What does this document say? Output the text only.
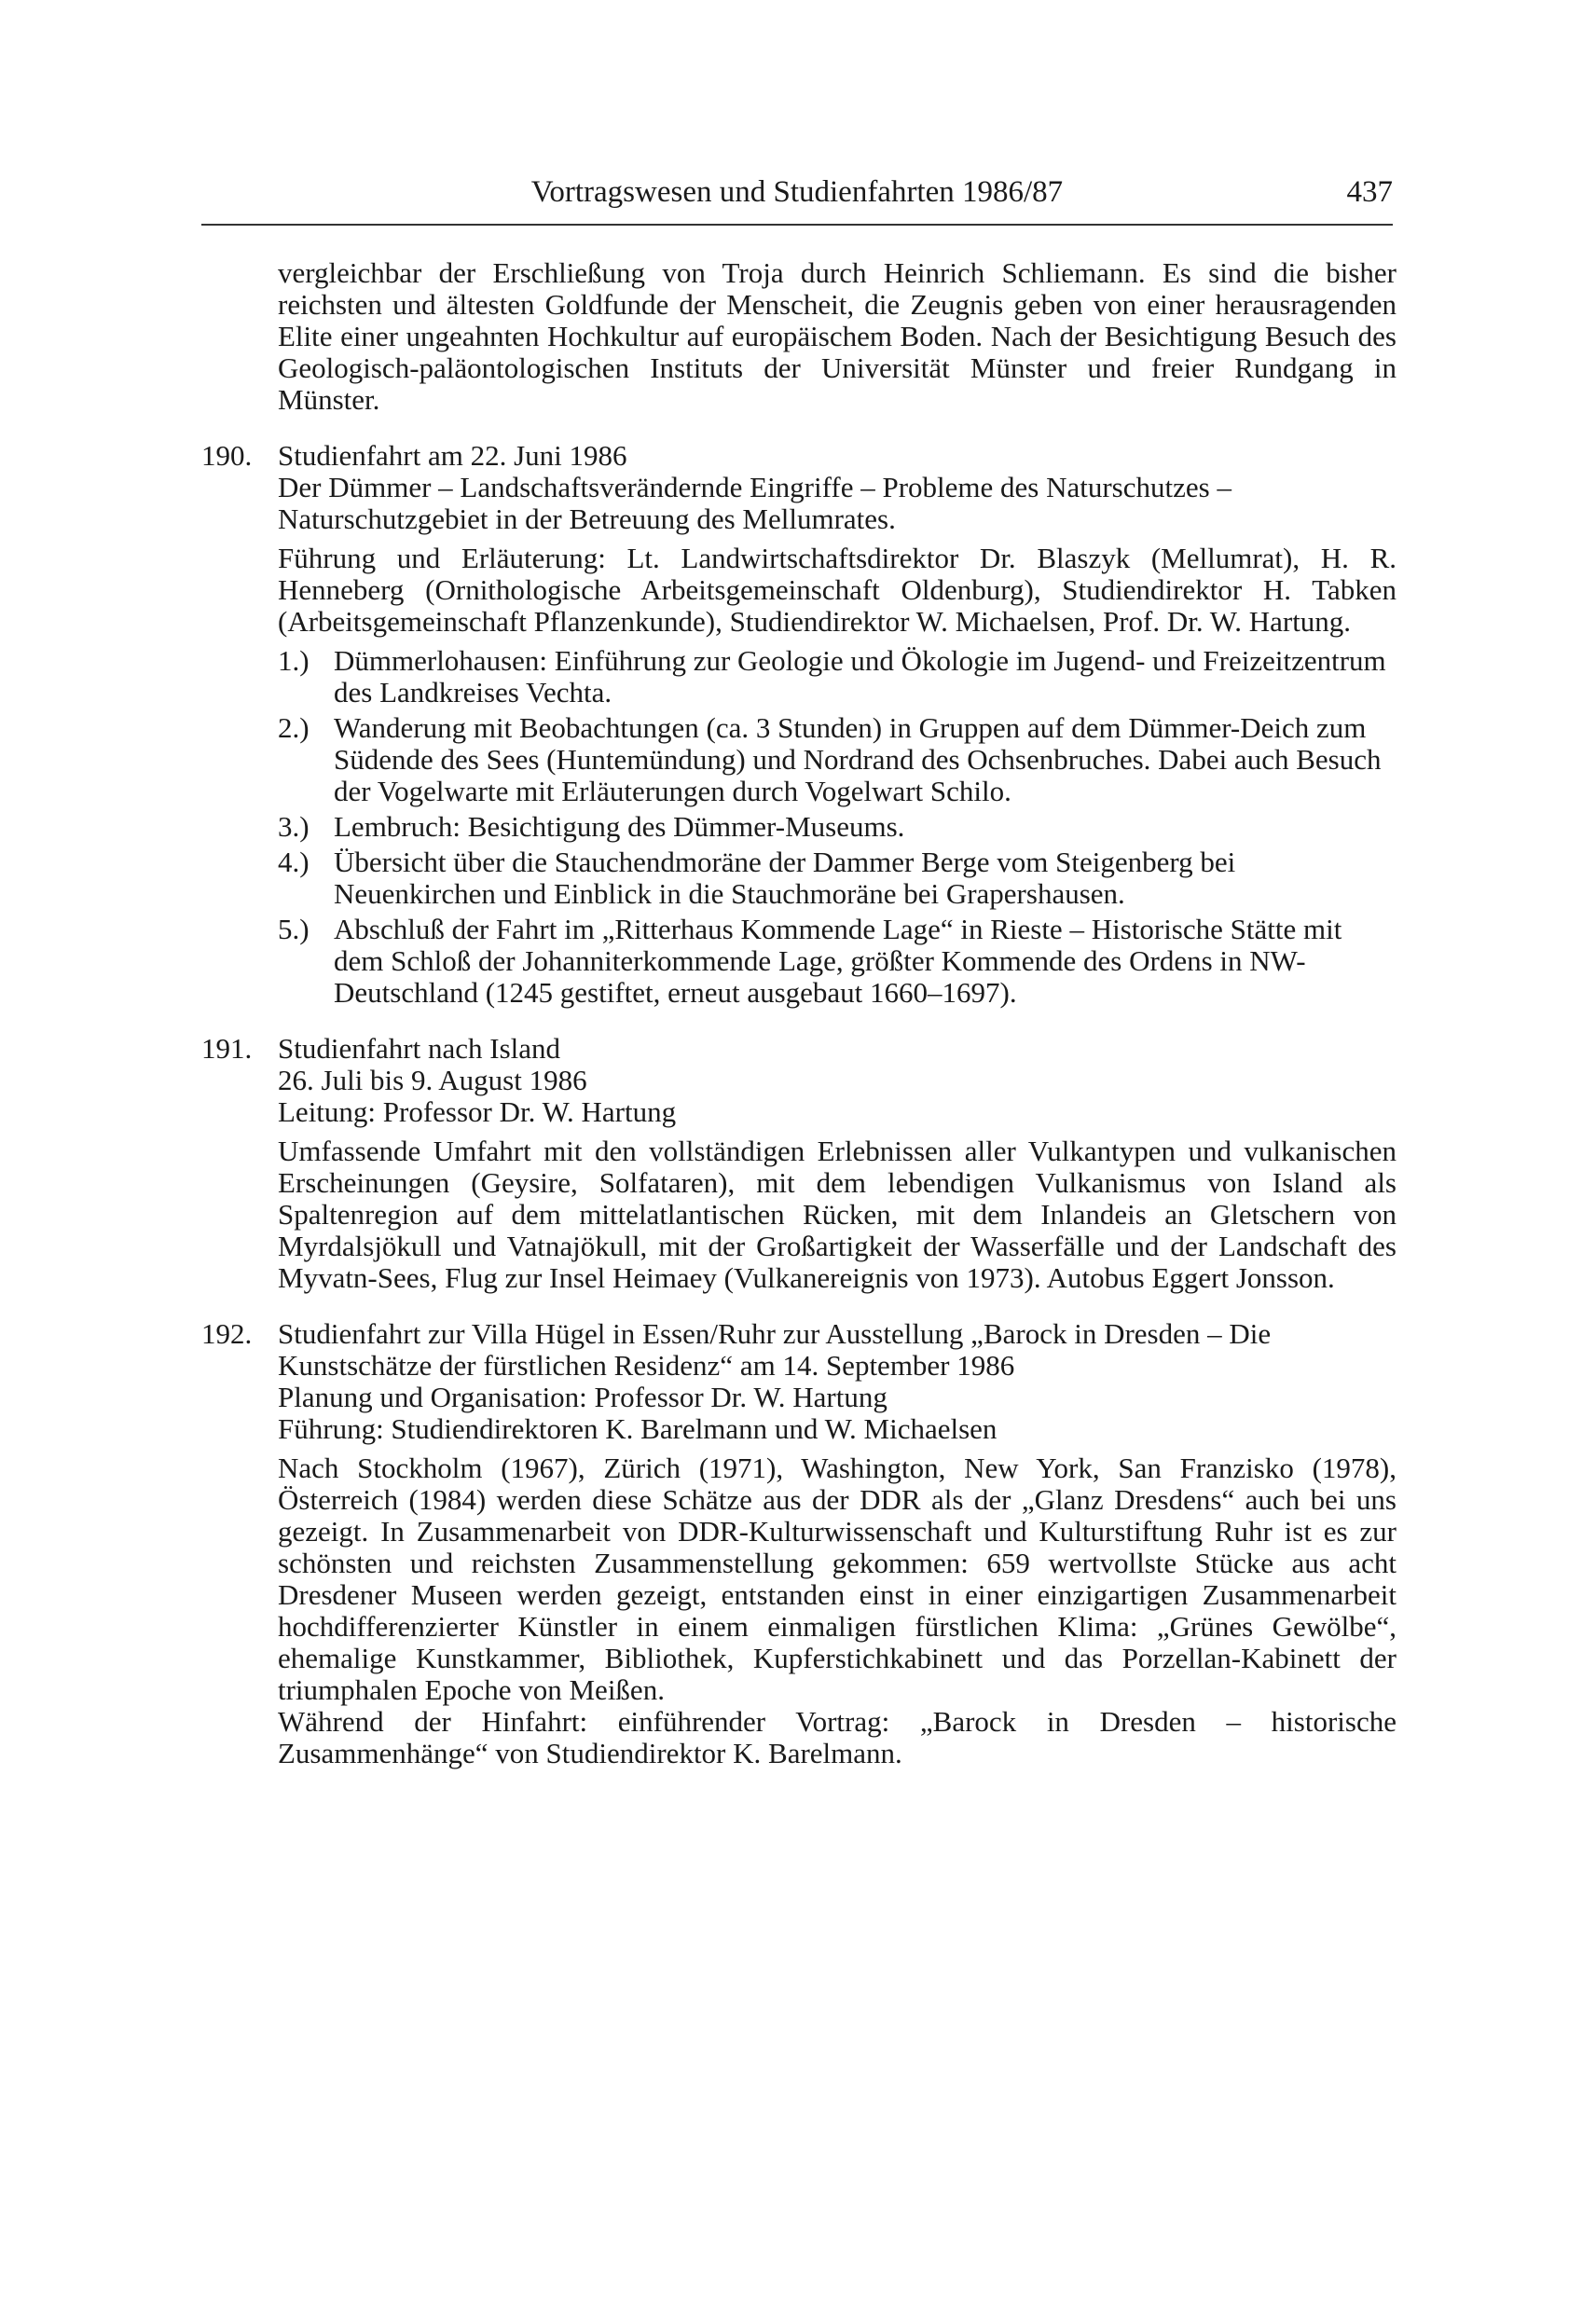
Vortragswesen und Studienfahrten 1986/87	437

vergleichbar der Erschließung von Troja durch Heinrich Schliemann. Es sind die bisher reichsten und ältesten Goldfunde der Menscheit, die Zeugnis geben von einer herausragenden Elite einer ungeahnten Hochkultur auf europäischem Boden. Nach der Besichtigung Besuch des Geologisch-paläontologischen Instituts der Universität Münster und freier Rundgang in Münster.

190. Studienfahrt am 22. Juni 1986

Der Dümmer – Landschaftsverändernde Eingriffe – Probleme des Naturschutzes – Naturschutzgebiet in der Betreuung des Mellumrates.

Führung und Erläuterung: Lt. Landwirtschaftsdirektor Dr. Blaszyk (Mellumrat), H. R. Henneberg (Ornithologische Arbeitsgemeinschaft Oldenburg), Studiendirektor H. Tabken (Arbeitsgemeinschaft Pflanzenkunde), Studiendirektor W. Michaelsen, Prof. Dr. W. Hartung.

1.) Dümmerlohausen: Einführung zur Geologie und Ökologie im Jugend- und Freizeitzentrum des Landkreises Vechta.
2.) Wanderung mit Beobachtungen (ca. 3 Stunden) in Gruppen auf dem Dümmer-Deich zum Südende des Sees (Huntemündung) und Nordrand des Ochsenbruches. Dabei auch Besuch der Vogelwarte mit Erläuterungen durch Vogelwart Schilo.
3.) Lembruch: Besichtigung des Dümmer-Museums.
4.) Übersicht über die Stauchendmoräne der Dammer Berge vom Steigenberg bei Neuenkirchen und Einblick in die Stauchmoräne bei Grapershausen.
5.) Abschluß der Fahrt im „Ritterhaus Kommende Lage“ in Rieste – Historische Stätte mit dem Schloß der Johanniterkommende Lage, größter Kommende des Ordens in NW-Deutschland (1245 gestiftet, erneut ausgebaut 1660–1697).
191. Studienfahrt nach Island

26. Juli bis 9. August 1986

Leitung: Professor Dr. W. Hartung

Umfassende Umfahrt mit den vollständigen Erlebnissen aller Vulkantypen und vulkanischen Erscheinungen (Geysire, Solfataren), mit dem lebendigen Vulkanismus von Island als Spaltenregion auf dem mittelatlantischen Rücken, mit dem Inlandeis an Gletschern von Myrdalsjökull und Vatnajökull, mit der Großartigkeit der Wasserfälle und der Landschaft des Myvatn-Sees, Flug zur Insel Heimaey (Vulkanereignis von 1973). Autobus Eggert Jonsson.

192. Studienfahrt zur Villa Hügel in Essen/Ruhr zur Ausstellung „Barock in Dresden – Die Kunstschätze der fürstlichen Residenz“ am 14. September 1986

Planung und Organisation: Professor Dr. W. Hartung

Führung: Studiendirektoren K. Barelmann und W. Michaelsen

Nach Stockholm (1967), Zürich (1971), Washington, New York, San Franzisko (1978), Österreich (1984) werden diese Schätze aus der DDR als der „Glanz Dresdens“ auch bei uns gezeigt. In Zusammenarbeit von DDR-Kulturwissenschaft und Kulturstiftung Ruhr ist es zur schönsten und reichsten Zusammenstellung gekommen: 659 wertvollste Stücke aus acht Dresdener Museen werden gezeigt, entstanden einst in einer einzigartigen Zusammenarbeit hochdifferenzierter Künstler in einem einmaligen fürstlichen Klima: „Grünes Gewölbe“, ehemalige Kunstkammer, Bibliothek, Kupferstichkabinett und das Porzellan-Kabinett der triumphalen Epoche von Meißen.

Während der Hinfahrt: einführender Vortrag: „Barock in Dresden – historische Zusammenhänge“ von Studiendirektor K. Barelmann.
